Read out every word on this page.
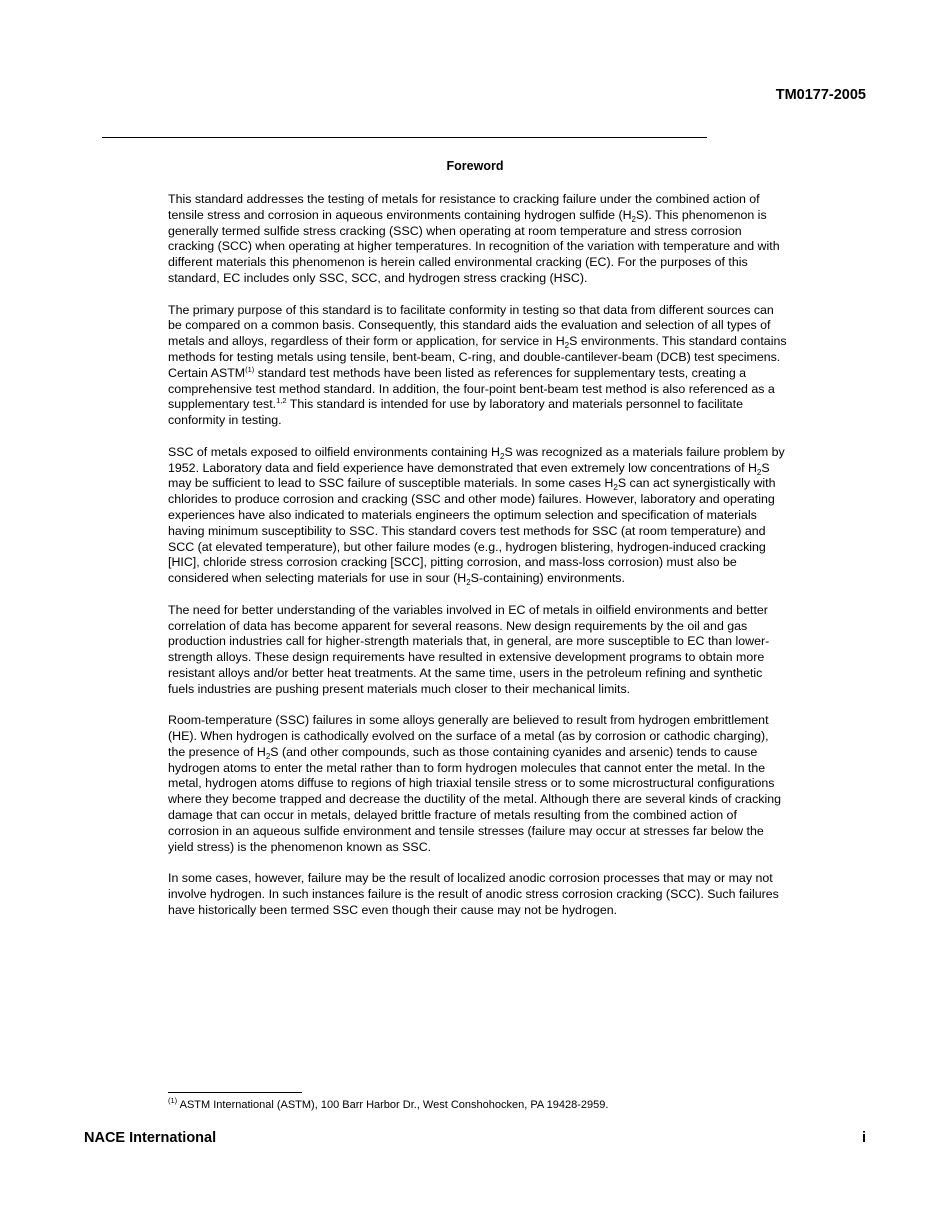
TM0177-2005
Foreword

This standard addresses the testing of metals for resistance to cracking failure under the combined action of tensile stress and corrosion in aqueous environments containing hydrogen sulfide $(H_2S)$. This phenomenon is generally termed sulfide stress cracking (SSC) when operating at room temperature and stress corrosion cracking (SCC) when operating at higher temperatures. In recognition of the variation with temperature and with different materials this phenomenon is herein called environmental cracking (EC). For the purposes of this standard, EC includes only SSC, SCC, and hydrogen stress cracking (HSC).

The primary purpose of this standard is to facilitate conformity in testing so that data from different sources can be compared on a common basis. Consequently, this standard aids the evaluation and selection of all types of metals and alloys, regardless of their form or application, for service in $H_2S$ environments. This standard contains methods for testing metals using tensile, bent-beam, C-ring, and double-cantilever-beam (DCB) test specimens. Certain ASTM$^{(1)}$ standard test methods have been listed as references for supplementary tests, creating a comprehensive test method standard. In addition, the four-point bent-beam test method is also referenced as a supplementary test.$^{1,2}$ This standard is intended for use by laboratory and materials personnel to facilitate conformity in testing.

SSC of metals exposed to oilfield environments containing $H_2S$ was recognized as a materials failure problem by 1952. Laboratory data and field experience have demonstrated that even extremely low concentrations of $H_2S$ may be sufficient to lead to SSC failure of susceptible materials. In some cases $H_2S$ can act synergistically with chlorides to produce corrosion and cracking (SSC and other mode) failures. However, laboratory and operating experiences have also indicated to materials engineers the optimum selection and specification of materials having minimum susceptibility to SSC. This standard covers test methods for SSC (at room temperature) and SCC (at elevated temperature), but other failure modes (e.g., hydrogen blistering, hydrogen-induced cracking [HIC], chloride stress corrosion cracking [SCC], pitting corrosion, and mass-loss corrosion) must also be considered when selecting materials for use in sour $(H_2S-containing)$ environments.

The need for better understanding of the variables involved in EC of metals in oilfield environments and better correlation of data has become apparent for several reasons. New design requirements by the oil and gas production industries call for higher-strength materials that, in general, are more susceptible to EC than lower-strength alloys. These design requirements have resulted in extensive development programs to obtain more resistant alloys and/or better heat treatments. At the same time, users in the petroleum refining and synthetic fuels industries are pushing present materials much closer to their mechanical limits.

Room-temperature (SSC) failures in some alloys generally are believed to result from hydrogen embrittlement (HE). When hydrogen is cathodically evolved on the surface of a metal (as by corrosion or cathodic charging), the presence of $H_2S$ (and other compounds, such as those containing cyanides and arsenic) tends to cause hydrogen atoms to enter the metal rather than to form hydrogen molecules that cannot enter the metal. In the metal, hydrogen atoms diffuse to regions of high triaxial tensile stress or to some microstructural configurations where they become trapped and decrease the ductility of the metal. Although there are several kinds of cracking damage that can occur in metals, delayed brittle fracture of metals resulting from the combined action of corrosion in an aqueous sulfide environment and tensile stresses (failure may occur at stresses far below the yield stress) is the phenomenon known as SSC.

In some cases, however, failure may be the result of localized anodic corrosion processes that may or may not involve hydrogen. In such instances failure is the result of anodic stress corrosion cracking (SCC). Such failures have historically been termed SSC even though their cause may not be hydrogen.

$^{(1)}$ ASTM International (ASTM), 100 Barr Harbor Dr., West Conshohocken, PA 19428-2959.
NACE International	i
